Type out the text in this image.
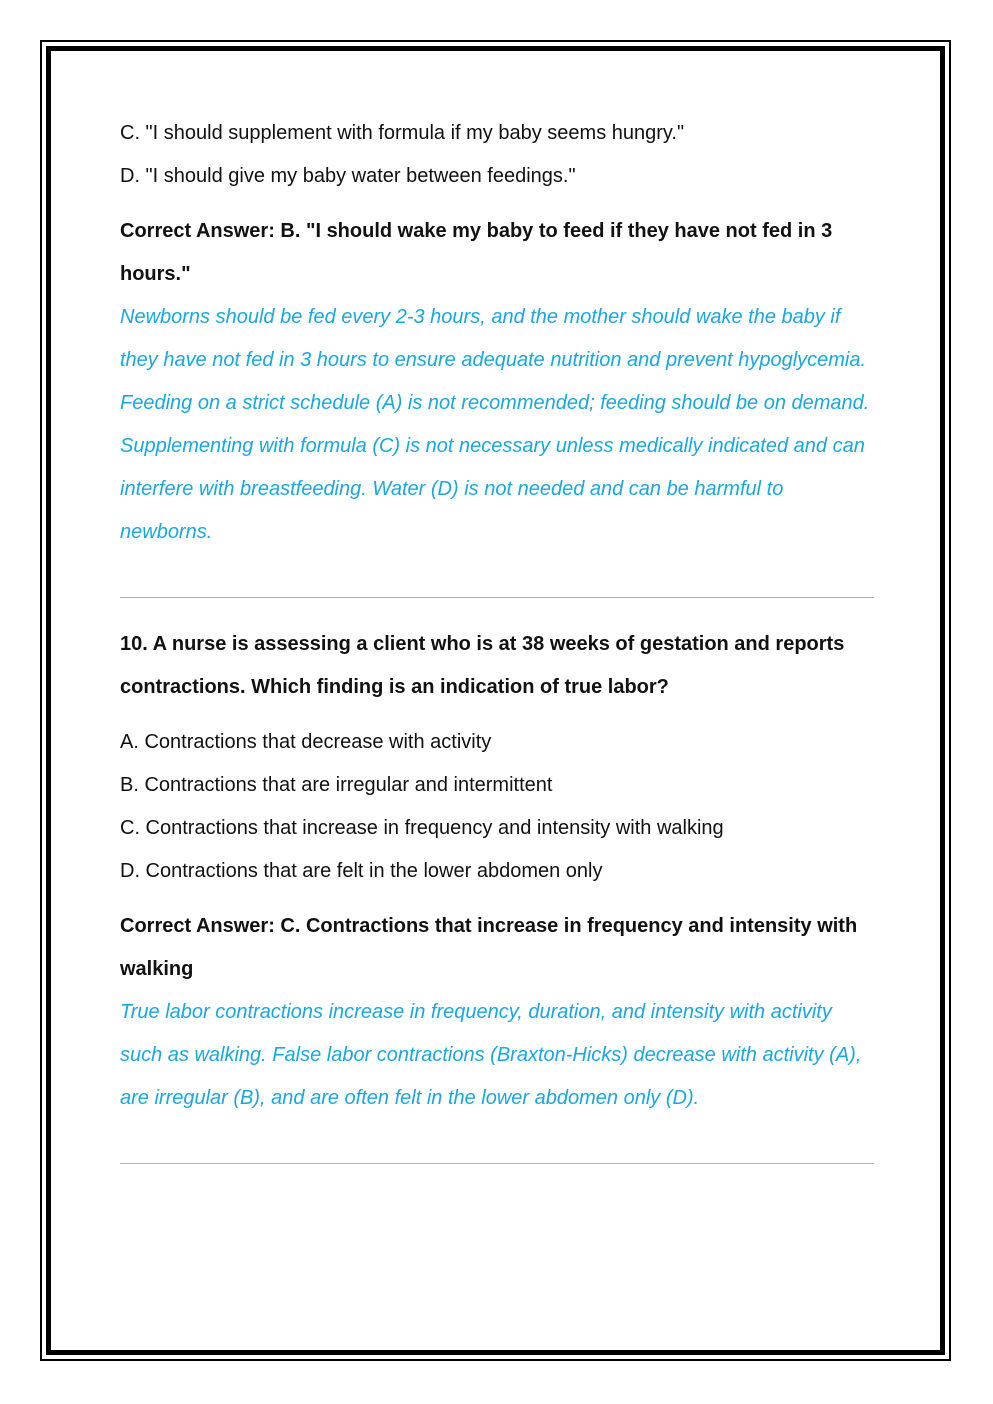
C. "I should supplement with formula if my baby seems hungry."

D. "I should give my baby water between feedings."

Correct Answer: B. "I should wake my baby to feed if they have not fed in 3 hours."

Newborns should be fed every 2-3 hours, and the mother should wake the baby if they have not fed in 3 hours to ensure adequate nutrition and prevent hypoglycemia. Feeding on a strict schedule (A) is not recommended; feeding should be on demand. Supplementing with formula (C) is not necessary unless medically indicated and can interfere with breastfeeding. Water (D) is not needed and can be harmful to newborns.

10. A nurse is assessing a client who is at 38 weeks of gestation and reports contractions. Which finding is an indication of true labor?

A. Contractions that decrease with activity

B. Contractions that are irregular and intermittent

C. Contractions that increase in frequency and intensity with walking

D. Contractions that are felt in the lower abdomen only

Correct Answer: C. Contractions that increase in frequency and intensity with walking

True labor contractions increase in frequency, duration, and intensity with activity such as walking. False labor contractions (Braxton-Hicks) decrease with activity (A), are irregular (B), and are often felt in the lower abdomen only (D).
